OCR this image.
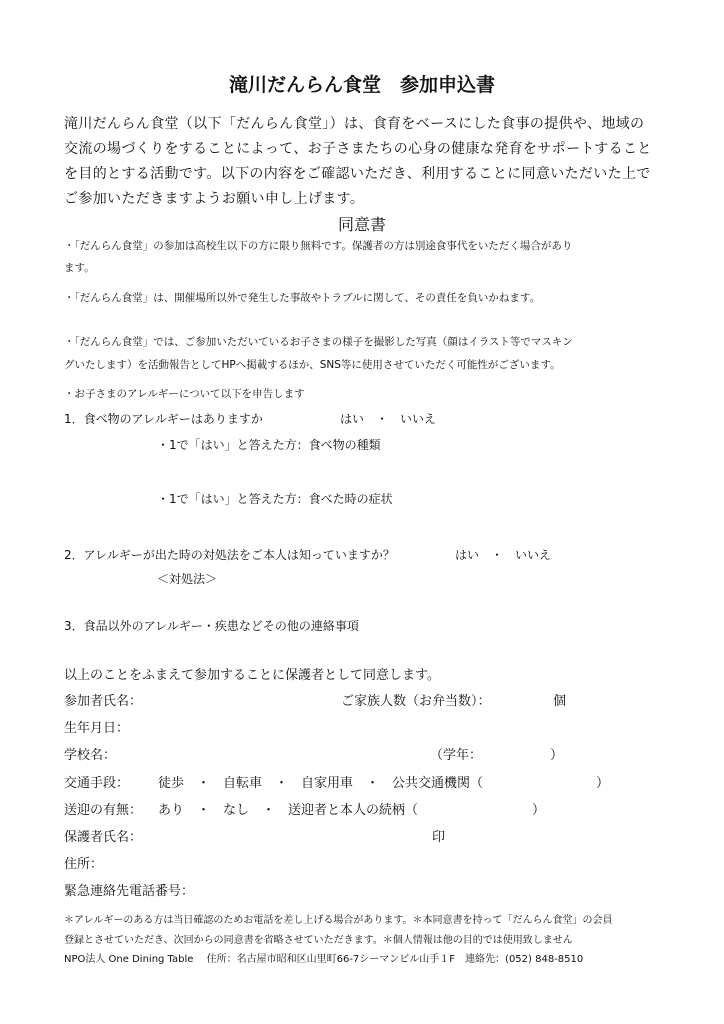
滝川だんらん食堂　参加申込書
滝川だんらん食堂（以下「だんらん食堂」）は、食育をベースにした食事の提供や、地域の
交流の場づくりをすることによって、お子さまたちの心身の健康な発育をサポートすること
を目的とする活動です。以下の内容をご確認いただき、利用することに同意いただいた上で
ご参加いただきますようお願い申し上げます。
同意書
・「だんらん食堂」の参加は高校生以下の方に限り無料です。保護者の方は別途食事代をいただく場合があり
ます。
・「だんらん食堂」は、開催場所以外で発生した事故やトラブルに関して、その責任を負いかねます。
・「だんらん食堂」では、ご参加いただいているお子さまの様子を撮影した写真（顔はイラスト等でマスキン
グいたします）を活動報告としてHPへ掲載するほか、SNS等に使用させていただく可能性がございます。
・お子さまのアレルギーについて以下を申告します
1．食べ物のアレルギーはありますか	はい　・　いいえ
・1で「はい」と答えた方：食べ物の種類
・1で「はい」と答えた方：食べた時の症状
2．アレルギーが出た時の対処法をご本人は知っていますか？	はい　・　いいえ
＜対処法＞
3．食品以外のアレルギー・疾患などその他の連絡事項
以上のことをふまえて参加することに保護者として同意します。
参加者氏名：	ご家族人数（お弁当数）：	個
生年月日：
学校名：	（学年：	）
交通手段： 徒歩　・　自転車　・　自家用車　・　公共交通機関（	）
送迎の有無： あり　・　なし　・　送迎者と本人の続柄（	）
保護者氏名：	印
住所：
緊急連絡先電話番号：
＊アレルギーのある方は当日確認のためお電話を差し上げる場合があります。＊本同意書を持って「だんらん食堂」の会員
登録とさせていただき、次回からの同意書を省略させていただきます。＊個人情報は他の目的では使用致しません
NPO法人 One Dining Table　 住所：名古屋市昭和区山里町66-7シーマンビル山手１F　連絡先：(052) 848-8510
